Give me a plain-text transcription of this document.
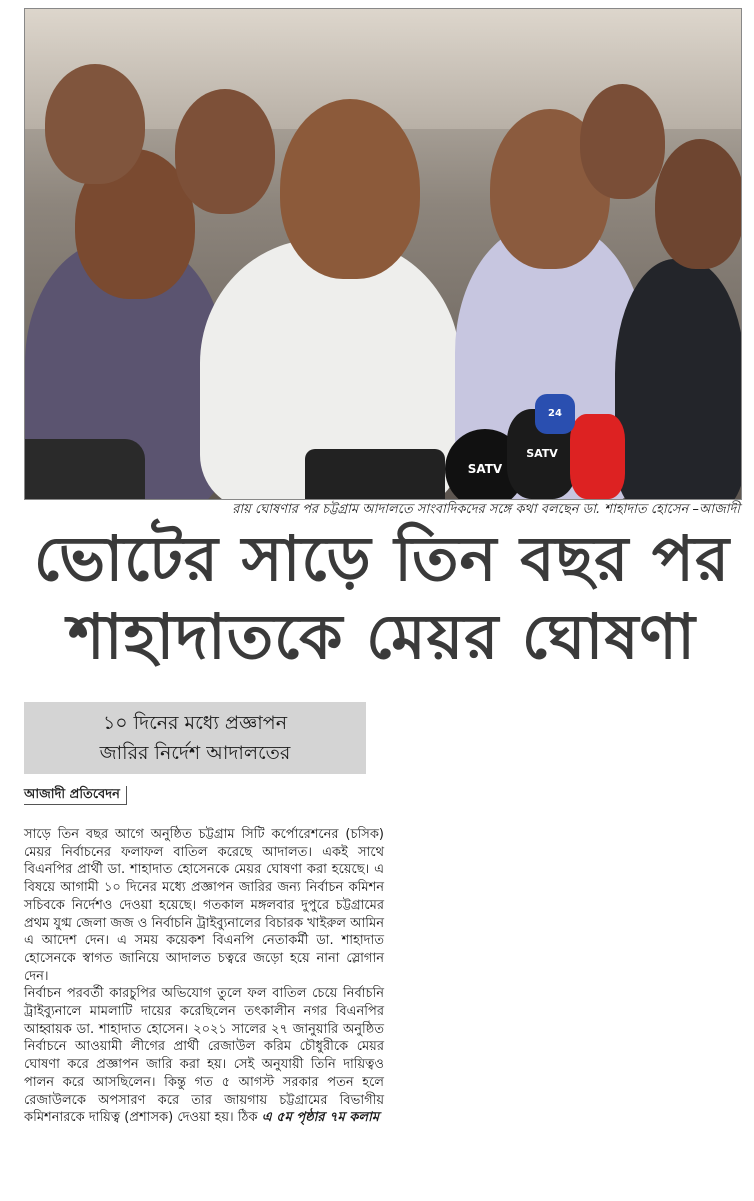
SATV
SATV
24
রায় ঘোষণার পর চট্টগ্রাম আদালতে সাংবাদিকদের সঙ্গে কথা বলছেন ডা. শাহাদাত হোসেন –আজাদী
ভোটের সাড়ে তিন বছর পর
শাহাদাতকে মেয়র ঘোষণা
১০ দিনের মধ্যে প্রজ্ঞাপন
জারির নির্দেশ আদালতের
আজাদী প্রতিবেদন

সাড়ে তিন বছর আগে অনুষ্ঠিত চট্টগ্রাম সিটি কর্পোরেশনের (চসিক) মেয়র নির্বাচনের ফলাফল বাতিল করেছে আদালত। একই সাথে বিএনপির প্রার্থী ডা. শাহাদাত হোসেনকে মেয়র ঘোষণা করা হয়েছে। এ বিষয়ে আগামী ১০ দিনের মধ্যে প্রজ্ঞাপন জারির জন্য নির্বাচন কমিশন সচিবকে নির্দেশও দেওয়া হয়েছে। গতকাল মঙ্গলবার দুপুরে চট্টগ্রামের প্রথম যুগ্ম জেলা জজ ও নির্বাচনি ট্রাইব্যুনালের বিচারক খাইরুল আমিন এ আদেশ দেন। এ সময় কয়েকশ বিএনপি নেতাকর্মী ডা. শাহাদাত হোসেনকে স্বাগত জানিয়ে আদালত চত্বরে জড়ো হয়ে নানা স্লোগান দেন।

নির্বাচন পরবর্তী কারচুপির অভিযোগ তুলে ফল বাতিল চেয়ে নির্বাচনি ট্রাইব্যুনালে মামলাটি দায়ের করেছিলেন তৎকালীন নগর বিএনপির আহ্বায়ক ডা. শাহাদাত হোসেন। ২০২১ সালের ২৭ জানুয়ারি অনুষ্ঠিত নির্বাচনে আওয়ামী লীগের প্রার্থী রেজাউল করিম চৌধুরীকে মেয়র ঘোষণা করে প্রজ্ঞাপন জারি করা হয়। সেই অনুযায়ী তিনি দায়িত্বও পালন করে আসছিলেন। কিন্তু গত ৫ আগস্ট সরকার পতন হলে রেজাউলকে অপসারণ করে তার জায়গায় চট্টগ্রামের বিভাগীয় কমিশনারকে দায়িত্ব (প্রশাসক) দেওয়া হয়। ঠিক এ ৫ম পৃষ্ঠার ৭ম কলাম
